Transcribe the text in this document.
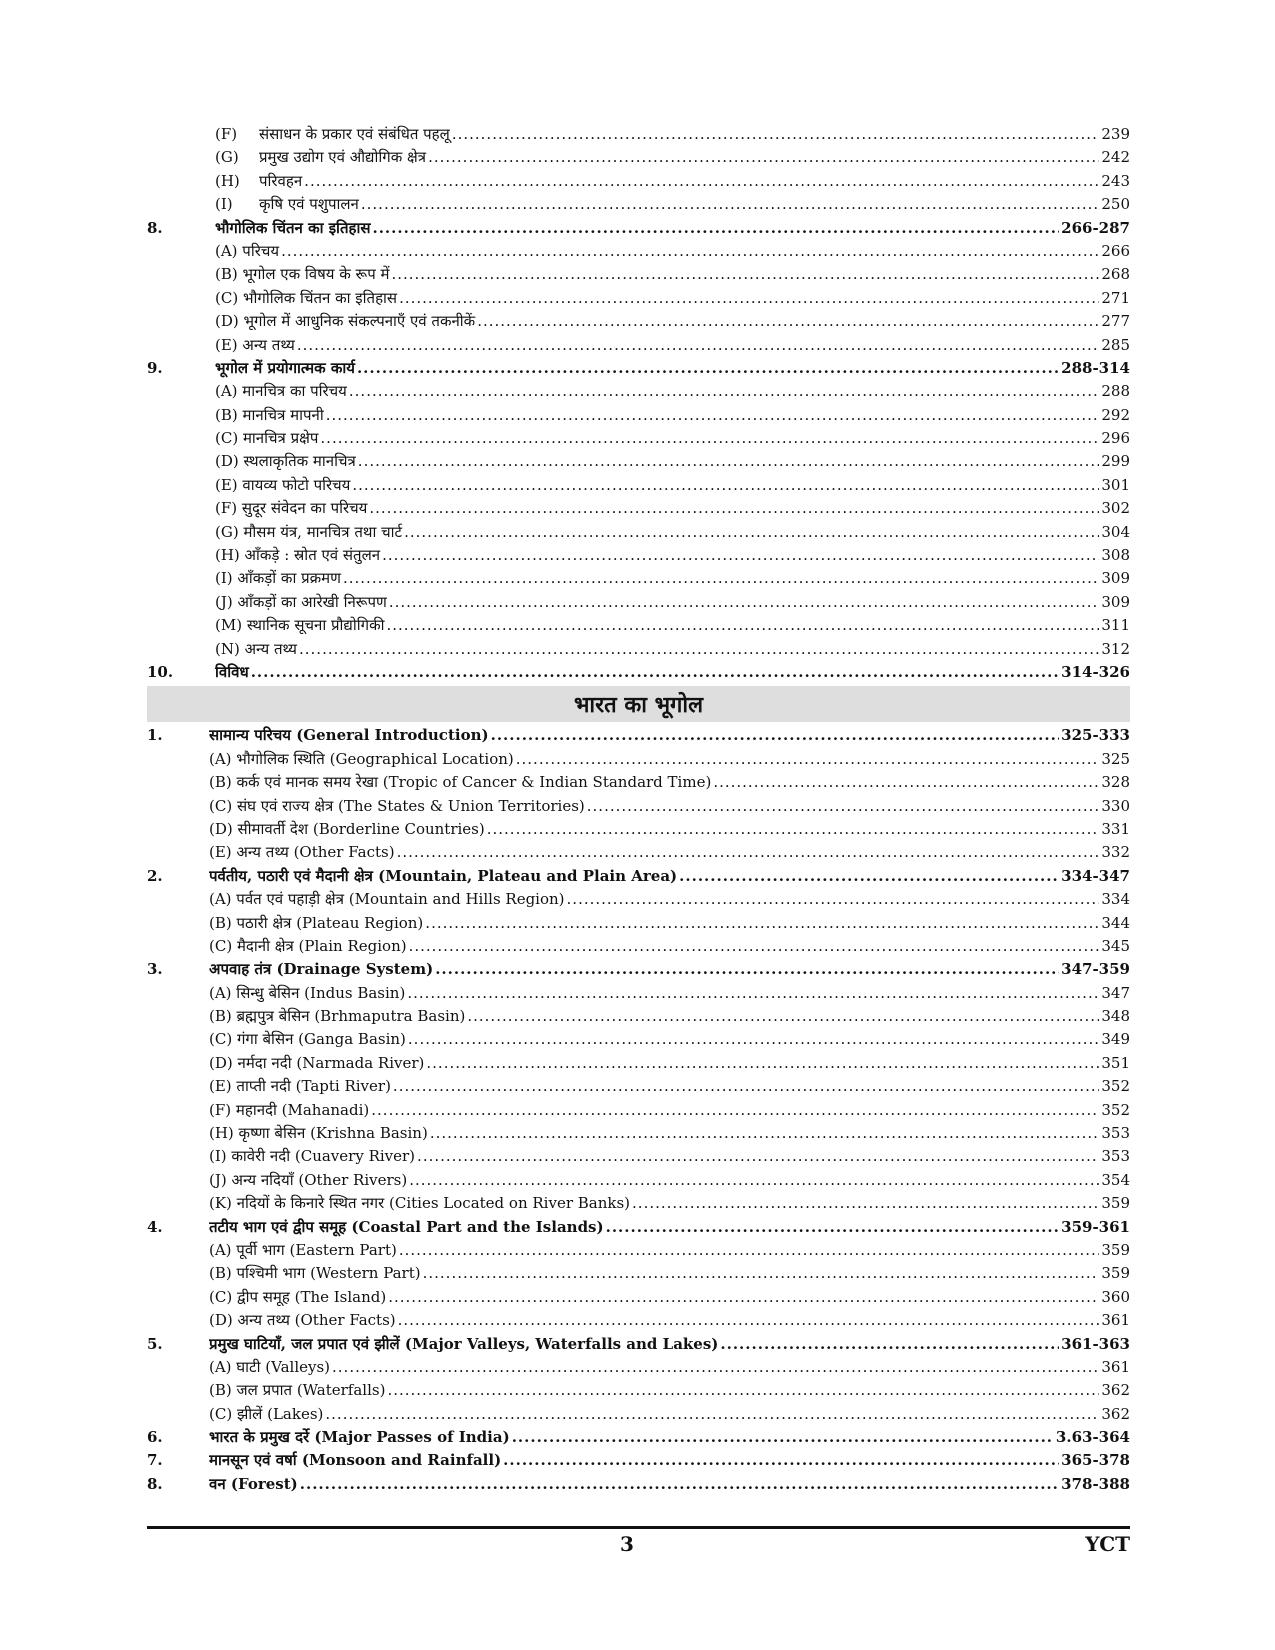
(F) संसाधन के प्रकार एवं संबंधित पहलू .....	239
(G) प्रमुख उद्योग एवं औद्योगिक क्षेत्र .....	242
(H) परिवहन .....	243
(I) कृषि एवं पशुपालन .....	250
8.	भौगोलिक चिंतन का इतिहास .....	266-287
(A) परिचय .....	266
(B) भूगोल एक विषय के रूप में .....	268
(C) भौगोलिक चिंतन का इतिहास .....	271
(D) भूगोल में आधुनिक संकल्पनाएँ एवं तकनीकें .....	277
(E) अन्य तथ्य .....	285
9.	भूगोल में प्रयोगात्मक कार्य .....	288-314
(A) मानचित्र का परिचय .....	288
(B) मानचित्र मापनी .....	292
(C) मानचित्र प्रक्षेप .....	296
(D) स्थलाकृतिक मानचित्र .....	299
(E) वायव्य फोटो परिचय .....	301
(F) सुदूर संवेदन का परिचय .....	302
(G) मौसम यंत्र, मानचित्र तथा चार्ट .....	304
(H) आँकड़े : स्रोत एवं संतुलन .....	308
(I) आँकड़ों का प्रक्रमण .....	309
(J) आँकड़ों का आरेखी निरूपण .....	309
(M) स्थानिक सूचना प्रौद्योगिकी .....	311
(N) अन्य तथ्य .....	312
10.	विविध .....	314-326
भारत का भूगोल
1.	सामान्य परिचय (General Introduction) .....	325-333
(A) भौगोलिक स्थिति (Geographical Location) .....	325
(B) कर्क एवं मानक समय रेखा (Tropic of Cancer & Indian Standard Time) .....	328
(C) संघ एवं राज्य क्षेत्र (The States & Union Territories) .....	330
(D) सीमावर्ती देश (Borderline Countries) .....	331
(E) अन्य तथ्य (Other Facts) .....	332
2.	पर्वतीय, पठारी एवं मैदानी क्षेत्र (Mountain, Plateau and Plain Area) .....	334-347
(A) पर्वत एवं पहाड़ी क्षेत्र (Mountain and Hills Region) .....	334
(B) पठारी क्षेत्र (Plateau Region) .....	344
(C) मैदानी क्षेत्र (Plain Region) .....	345
3.	अपवाह तंत्र (Drainage System) .....	347-359
(A) सिन्धु बेसिन (Indus Basin) .....	347
(B) ब्रह्मपुत्र बेसिन (Brhmaputra Basin) .....	348
(C) गंगा बेसिन (Ganga Basin) .....	349
(D) नर्मदा नदी (Narmada River) .....	351
(E) ताप्ती नदी (Tapti River) .....	352
(F) महानदी (Mahanadi) .....	352
(H) कृष्णा बेसिन (Krishna Basin) .....	353
(I) कावेरी नदी (Cuavery River) .....	353
(J) अन्य नदियाँ (Other Rivers) .....	354
(K) नदियों के किनारे स्थित नगर (Cities Located on River Banks) .....	359
4.	तटीय भाग एवं द्वीप समूह (Coastal Part and the Islands) .....	359-361
(A) पूर्वी भाग (Eastern Part) .....	359
(B) पश्चिमी भाग (Western Part) .....	359
(C) द्वीप समूह (The Island) .....	360
(D) अन्य तथ्य (Other Facts) .....	361
5.	प्रमुख घाटियाँ, जल प्रपात एवं झीलें (Major Valleys, Waterfalls and Lakes) .....	361-363
(A) घाटी (Valleys) .....	361
(B) जल प्रपात (Waterfalls) .....	362
(C) झीलें (Lakes) .....	362
6.	भारत के प्रमुख दर्रे (Major Passes of India) .....	3.63-364
7.	मानसून एवं वर्षा (Monsoon and Rainfall) .....	365-378
8.	वन (Forest) .....	378-388
3	YCT
